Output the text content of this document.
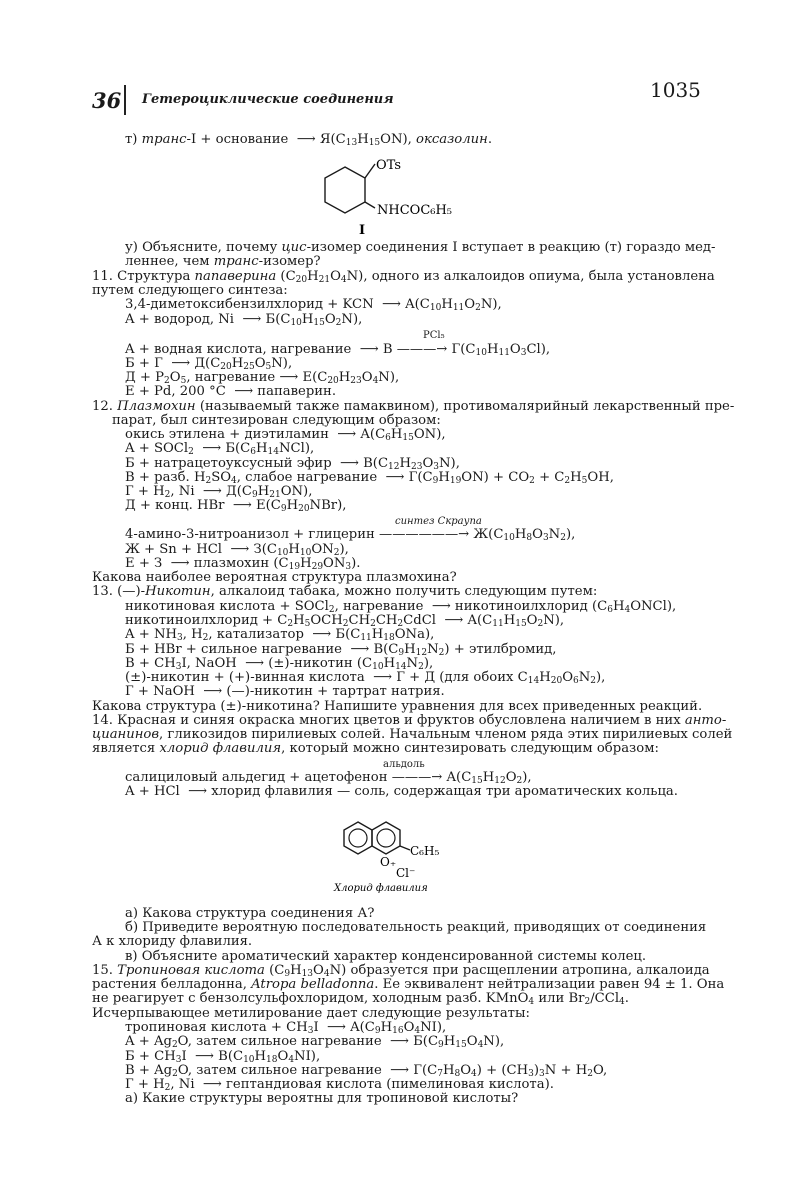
36 Гетероциклические соединения	1035
т) транс-I + основание  ⟶ $Я(C_{13}H_{15}ON)$, оксазолин.
у) Объясните, почему цис-изомер соединения I вступает в реакцию (т) гораздо мед-
леннее, чем транс-изомер?
11. Структура папаверина $(C_{20}H_{21}O_4N)$, одного из алкалоидов опиума, была установлена
путем следующего синтеза:
3,4-диметоксибензилхлорид + KCN  ⟶ $A(C_{10}H_{11}O_2N)$,
A + водород, Ni  ⟶ $Б(C_{10}H_{15}O_2N)$,
A + водная кислота, нагревание  ⟶ B ———→ $Г(C_{10}H_{11}O_3Cl)$,
Б + Г  ⟶ $Д(C_{20}H_{25}O_5N)$,
$Д + P_2O_5$, нагревание ⟶ $E(C_{20}H_{23}O_4N)$,
E + Pd, 200 °C  ⟶ папаверин.
12. Плазмохин (называемый также памаквином), противомалярийный лекарственный пре-
парат, был синтезирован следующим образом:
окись этилена + диэтиламин  ⟶ $A(C_6H_{15}ON)$,
A + SOCl$_2$  ⟶ $Б(C_6H_{14}NCl)$,
Б + натрацетоуксусный эфир  ⟶ $B(C_{12}H_{23}O_3N)$,
B + разб. $H_2SO_4$, слабое нагревание  ⟶ $Г(C_9H_{19}ON) + CO_2 + C_2H_5OH$,
$Г + H_2$, Ni  ⟶ $Д(C_9H_{21}ON)$,
Д + конц. HBr  ⟶ $E(C_9H_{20}NBr)$,
4-амино-3-нитроанизол + глицерин ——————→ $Ж(C_{10}H_8O_3N_2)$,
Ж + Sn + HCl  ⟶ $З(C_{10}H_{10}ON_2)$,
E + З  ⟶ плазмохин $(C_{19}H_{29}ON_3)$.
Какова наиболее вероятная структура плазмохина?
13. (—)-Никотин, алкалоид табака, можно получить следующим путем:
никотиновая кислота + SOCl$_2$, нагревание  ⟶ никотиноилхлорид $(C_6H_4ONCl)$,
никотиноилхлорид + $C_2H_5OCH_2CH_2CH_2CdCl$  ⟶ $A(C_{11}H_{15}O_2N)$,
$A + NH_3$, $H_2$, катализатор  ⟶ $Б(C_{11}H_{18}ONa)$,
Б + HBr + сильное нагревание  ⟶ $B(C_9H_{12}N_2)$ + этилбромид,
$B + CH_3I$, NaOH  ⟶ (±)-никотин $(C_{10}H_{14}N_2)$,
(±)-никотин + (+)-винная кислота  ⟶ Г + Д (для обоих $C_{14}H_{20}O_6N_2$),
Г + NaOH  ⟶ (—)-никотин + тартрат натрия.
Какова структура (±)-никотина? Напишите уравнения для всех приведенных реакций.
14. Красная и синяя окраска многих цветов и фруктов обусловлена наличием в них анто-
цианинов, гликозидов пирилиевых солей. Начальным членом ряда этих пирилиевых солей
является хлорид флавилия, который можно синтезировать следующим образом:
салициловый альдегид + ацетофенон ———→ $A(C_{15}H_{12}O_2)$,
A + HCl  ⟶ хлорид флавилия — соль, содержащая три ароматических кольца.
а) Какова структура соединения А?
б) Приведите вероятную последовательность реакций, приводящих от соединения
А к хлориду флавилия.
в) Объясните ароматический характер конденсированной системы колец.
15. Тропиновая кислота $(C_9H_{13}O_4N)$ образуется при расщеплении атропина, алкалоида
растения белладонна, Atropa belladonna. Ее эквивалент нейтрализации равен 94 ± 1. Она
не реагирует с бензолсульфохлоридом, холодным разб. KMnO$_4$ или $Br_2/CCl_4$.
Исчерпывающее метилирование дает следующие результаты:
тропиновая кислота + $CH_3I$  ⟶ $A(C_9H_{16}O_4NI)$,
$A + Ag_2O$, затем сильное нагревание  ⟶ $Б(C_9H_{15}O_4N)$,
$Б + CH_3I$  ⟶ $B(C_{10}H_{18}O_4NI)$,
$B + Ag_2O$, затем сильное нагревание  ⟶ $Г(C_7H_8O_4) + (CH_3)_3N + H_2O$,
$Г + H_2$, Ni  ⟶ гептандиовая кислота (пимелиновая кислота).
а) Какие структуры вероятны для тропиновой кислоты?
PCl₅
синтез Скраупа
альдоль
OTs
NHCOC₆H₅
I
O₊
C₆H₅
Cl⁻
Хлорид флавилия
